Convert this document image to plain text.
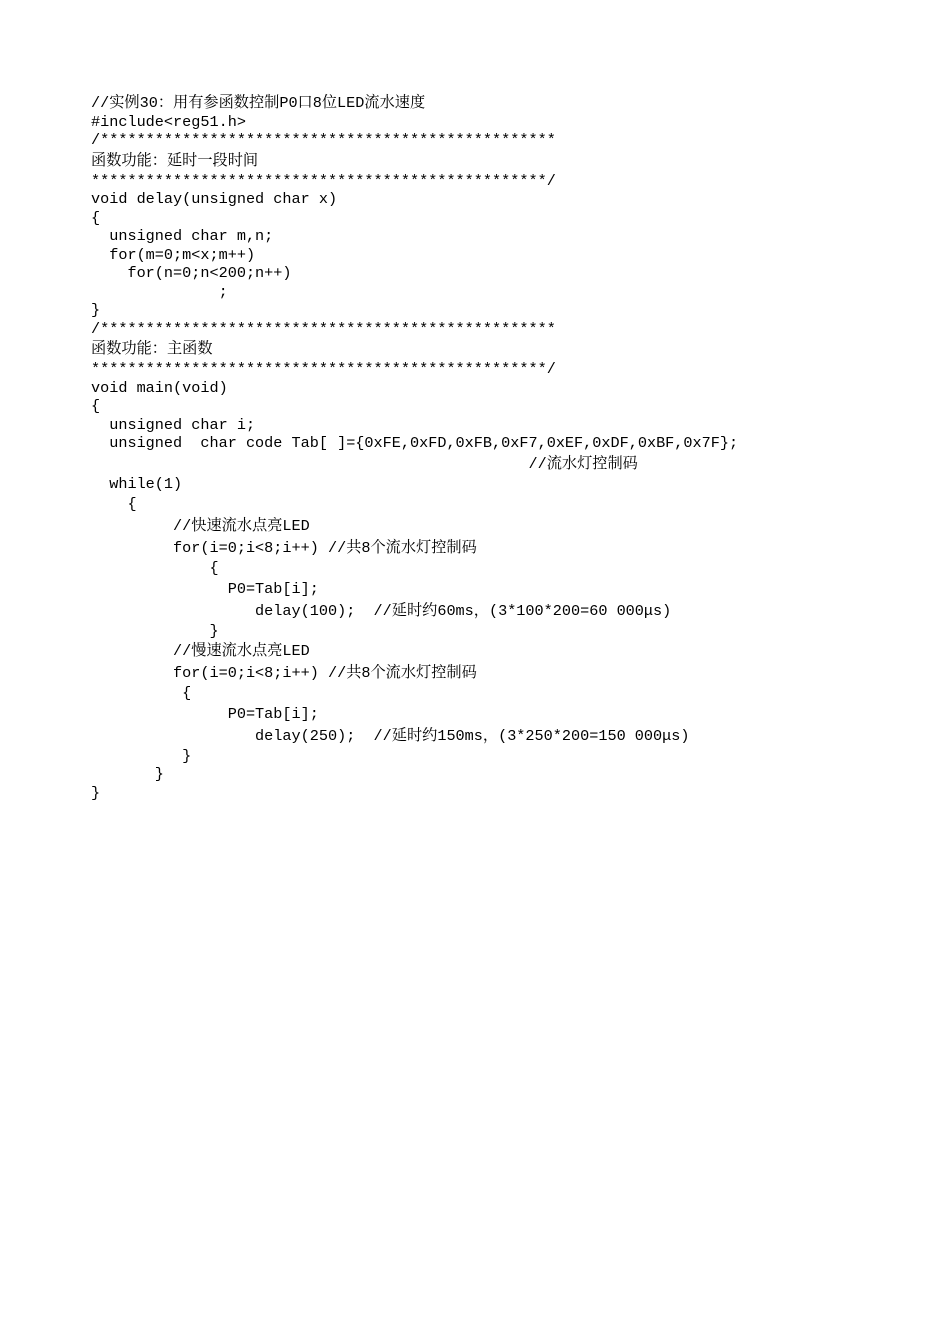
//实例30：用有参函数控制P0口8位LED流水速度
#include<reg51.h>
/**************************************************
函数功能：延时一段时间
**************************************************/
void delay(unsigned char x)
{
unsigned char m,n;
for(m=0;m<x;m++)
for(n=0;n<200;n++)
;
}
/**************************************************
函数功能：主函数
**************************************************/
void main(void)
{
unsigned char i;
unsigned  char code Tab[ ]={0xFE,0xFD,0xFB,0xF7,0xEF,0xDF,0xBF,0x7F};
//流水灯控制码
while(1)
{
//快速流水点亮LED
for(i=0;i<8;i++) //共8个流水灯控制码
{
P0=Tab[i];
delay(100);  //延时约60ms，(3*100*200=60 000μs)
}
//慢速流水点亮LED
for(i=0;i<8;i++) //共8个流水灯控制码
{
P0=Tab[i];
delay(250);  //延时约150ms，(3*250*200=150 000μs)
}
}
}
